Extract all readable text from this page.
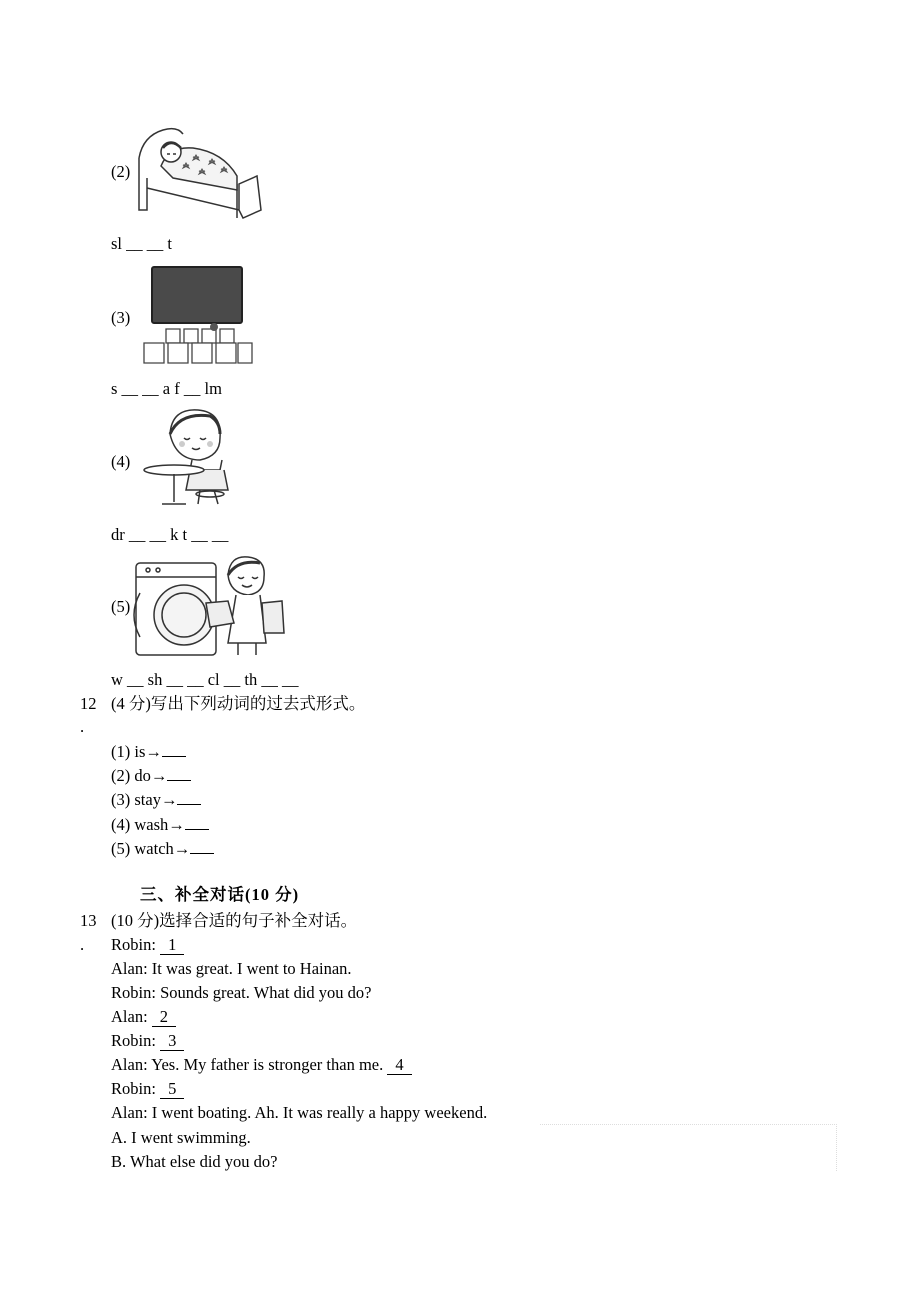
(2)
sl __ __ t
(3)
s __ __ a f __ lm
(4)
dr __ __ k t __ __
(5)
w __ sh __ __ cl __ th __ __
12
.
(4 分)写出下列动词的过去式形式。
(1) is→
(2) do→
(3) stay→
(4) wash→
(5) watch→
三、补全对话(10 分)
13
.
(10 分)选择合适的句子补全对话。
Robin: 1
Alan: It was great. I went to Hainan.
Robin: Sounds great. What did you do?
Alan: 2
Robin: 3
Alan: Yes. My father is stronger than me. 4
Robin: 5
Alan: I went boating. Ah. It was really a happy weekend.
A. I went swimming.
B. What else did you do?
